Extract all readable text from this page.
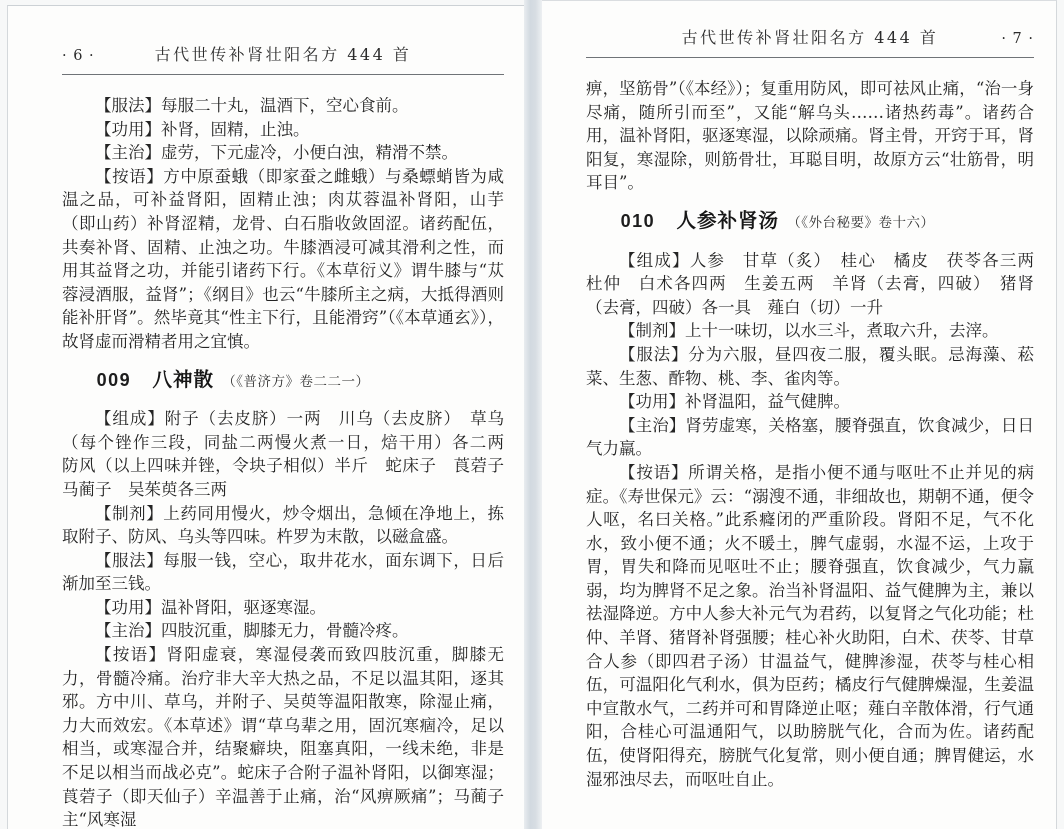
· 6 ·	古代世传补肾壮阳名方 444 首

【服法】每服二十丸，温酒下，空心食前。

【功用】补肾，固精，止浊。

【主治】虚劳，下元虚冷，小便白浊，精滑不禁。

【按语】方中原蚕蛾（即家蚕之雌蛾）与桑螵蛸皆为咸温之品，可补益肾阳，固精止浊；肉苁蓉温补肾阳，山芋（即山药）补肾涩精，龙骨、白石脂收敛固涩。诸药配伍，共奏补肾、固精、止浊之功。牛膝酒浸可减其滑利之性，而用其益肾之功，并能引诸药下行。《本草衍义》谓牛膝与“苁蓉浸酒服，益肾”；《纲目》也云“牛膝所主之病，大抵得酒则能补肝肾”。然毕竟其“性主下行，且能滑窍”（《本草通玄》），故肾虚而滑精者用之宜慎。

009 八神散 （《普济方》卷二二一）

【组成】附子（去皮脐）一两　川乌（去皮脐）　草乌（每个锉作三段，同盐二两慢火煮一日，焙干用）各二两　防风（以上四味并锉，令块子相似）半斤　蛇床子　莨菪子　马蔺子　吴茱萸各三两

【制剂】上药同用慢火，炒令烟出，急倾在净地上，拣取附子、防风、乌头等四味。杵罗为末散，以磁盒盛。

【服法】每服一钱，空心，取井花水，面东调下，日后渐加至三钱。

【功用】温补肾阳，驱逐寒湿。

【主治】四肢沉重，脚膝无力，骨髓冷疼。

【按语】肾阳虚衰，寒湿侵袭而致四肢沉重，脚膝无力，骨髓冷痛。治疗非大辛大热之品，不足以温其阳，逐其邪。方中川、草乌，并附子、吴萸等温阳散寒，除湿止痛，力大而效宏。《本草述》谓“草乌辈之用，固沉寒痼冷，足以相当，或寒湿合并，结聚癖块，阻塞真阳，一线未绝，非是不足以相当而战必克”。蛇床子合附子温补肾阳，以御寒湿；莨菪子（即天仙子）辛温善于止痛，治“风痹厥痛”；马蔺子主“风寒湿

古代世传补肾壮阳名方 444 首	· 7 ·

痹，坚筋骨”（《本经》）；复重用防风，即可祛风止痛，“治一身尽痛，随所引而至”，又能“解乌头……诸热药毒”。诸药合用，温补肾阳，驱逐寒湿，以除顽痛。肾主骨，开窍于耳，肾阳复，寒湿除，则筋骨壮，耳聪目明，故原方云“壮筋骨，明耳目”。

010 人参补肾汤 （《外台秘要》卷十六）

【组成】人参　甘草（炙）　桂心　橘皮　茯苓各三两　杜仲　白术各四两　生姜五两　羊肾（去膏，四破）　猪肾（去膏，四破）各一具　薤白（切）一升

【制剂】上十一味切，以水三斗，煮取六升，去滓。

【服法】分为六服，昼四夜二服，覆头眠。忌海藻、菘菜、生葱、酢物、桃、李、雀肉等。

【功用】补肾温阳，益气健脾。

【主治】肾劳虚寒，关格塞，腰脊强直，饮食减少，日日气力羸。

【按语】所谓关格，是指小便不通与呕吐不止并见的病症。《寿世保元》云：“溺溲不通，非细故也，期朝不通，便令人呕，名曰关格。”此系癃闭的严重阶段。肾阳不足，气不化水，致小便不通；火不暖土，脾气虚弱，水湿不运，上攻于胃，胃失和降而见呕吐不止；腰脊强直，饮食减少，气力羸弱，均为脾肾不足之象。治当补肾温阳、益气健脾为主，兼以祛湿降逆。方中人参大补元气为君药，以复肾之气化功能；杜仲、羊肾、猪肾补肾强腰；桂心补火助阳，白术、茯苓、甘草合人参（即四君子汤）甘温益气，健脾渗湿，茯苓与桂心相伍，可温阳化气利水，俱为臣药；橘皮行气健脾燥湿，生姜温中宣散水气，二药并可和胃降逆止呕；薤白辛散体滑，行气通阳，合桂心可温通阳气，以助膀胱气化，合而为佐。诸药配伍，使肾阳得充，膀胱气化复常，则小便自通；脾胃健运，水湿邪浊尽去，而呕吐自止。
